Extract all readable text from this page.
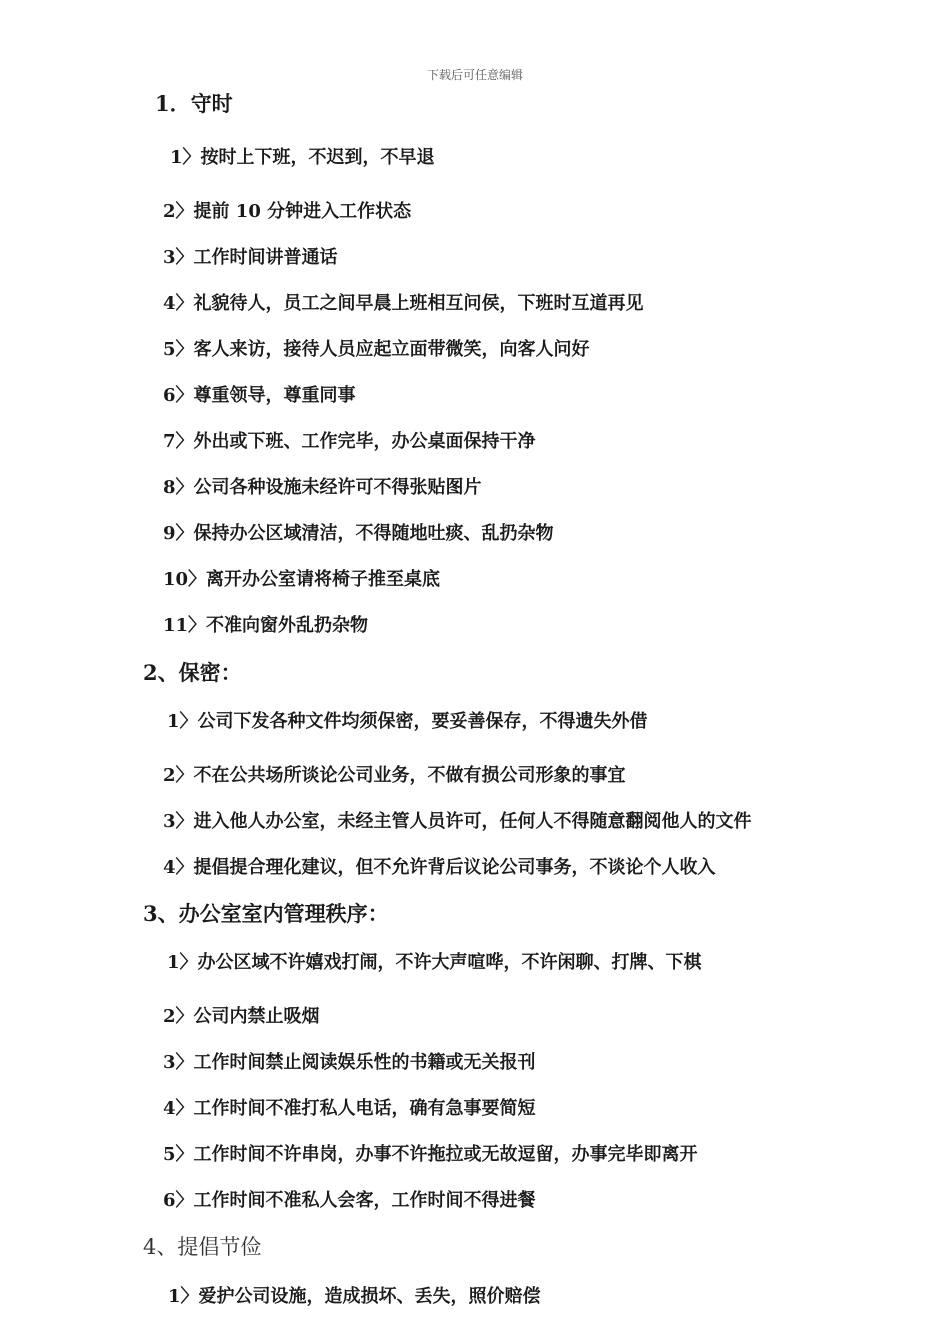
下载后可任意编辑
1．守时
1〉按时上下班，不迟到，不早退
2〉提前 10 分钟进入工作状态
3〉工作时间讲普通话
4〉礼貌待人，员工之间早晨上班相互问侯，下班时互道再见
5〉客人来访，接待人员应起立面带微笑，向客人问好
6〉尊重领导，尊重同事
7〉外出或下班、工作完毕，办公桌面保持干净
8〉公司各种设施未经许可不得张贴图片
9〉保持办公区域清洁，不得随地吐痰、乱扔杂物
10〉离开办公室请将椅子推至桌底
11〉不准向窗外乱扔杂物
2、保密：
1〉公司下发各种文件均须保密，要妥善保存，不得遗失外借
2〉不在公共场所谈论公司业务，不做有损公司形象的事宜
3〉进入他人办公室，未经主管人员许可，任何人不得随意翻阅他人的文件
4〉提倡提合理化建议，但不允许背后议论公司事务，不谈论个人收入
3、办公室室内管理秩序：
1〉办公区域不许嬉戏打闹，不许大声喧哗，不许闲聊、打牌、下棋
2〉公司内禁止吸烟
3〉工作时间禁止阅读娱乐性的书籍或无关报刊
4〉工作时间不准打私人电话，确有急事要简短
5〉工作时间不许串岗，办事不许拖拉或无故逗留，办事完毕即离开
6〉工作时间不准私人会客，工作时间不得进餐
4、提倡节俭
1〉爱护公司设施，造成损坏、丢失，照价赔偿
